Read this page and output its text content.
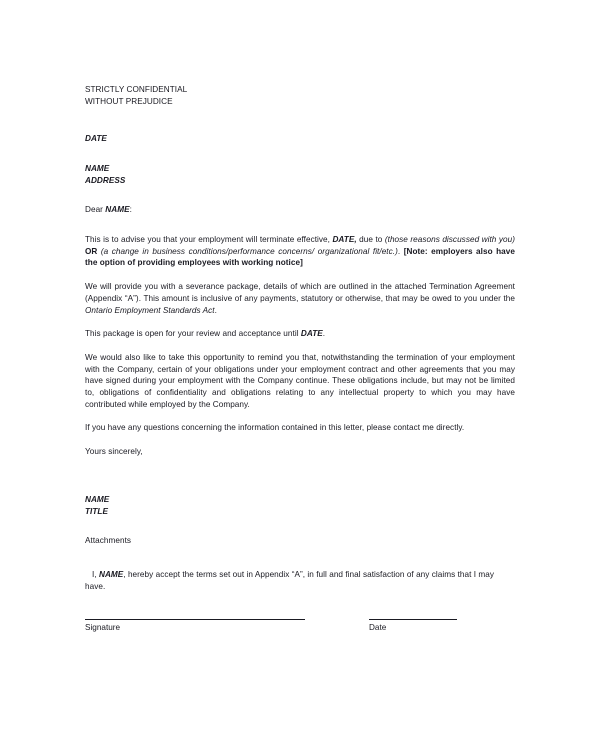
STRICTLY CONFIDENTIAL

WITHOUT PREJUDICE

DATE

NAME

ADDRESS

Dear NAME:

This is to advise you that your employment will terminate effective, DATE, due to (those reasons discussed with you) OR (a change in business conditions/performance concerns/ organizational fit/etc.). [Note: employers also have the option of providing employees with working notice]

We will provide you with a severance package, details of which are outlined in the attached Termination Agreement (Appendix “A”). This amount is inclusive of any payments, statutory or otherwise, that may be owed to you under the Ontario Employment Standards Act.

This package is open for your review and acceptance until DATE.

We would also like to take this opportunity to remind you that, notwithstanding the termination of your employment with the Company, certain of your obligations under your employment contract and other agreements that you may have signed during your employment with the Company continue. These obligations include, but may not be limited to, obligations of confidentiality and obligations relating to any intellectual property to which you may have contributed while employed by the Company.

If you have any questions concerning the information contained in this letter, please contact me directly.

Yours sincerely,

NAME

TITLE

Attachments

I, NAME, hereby accept the terms set out in Appendix “A”, in full and final satisfaction of any claims that I may have.

Signature	Date
